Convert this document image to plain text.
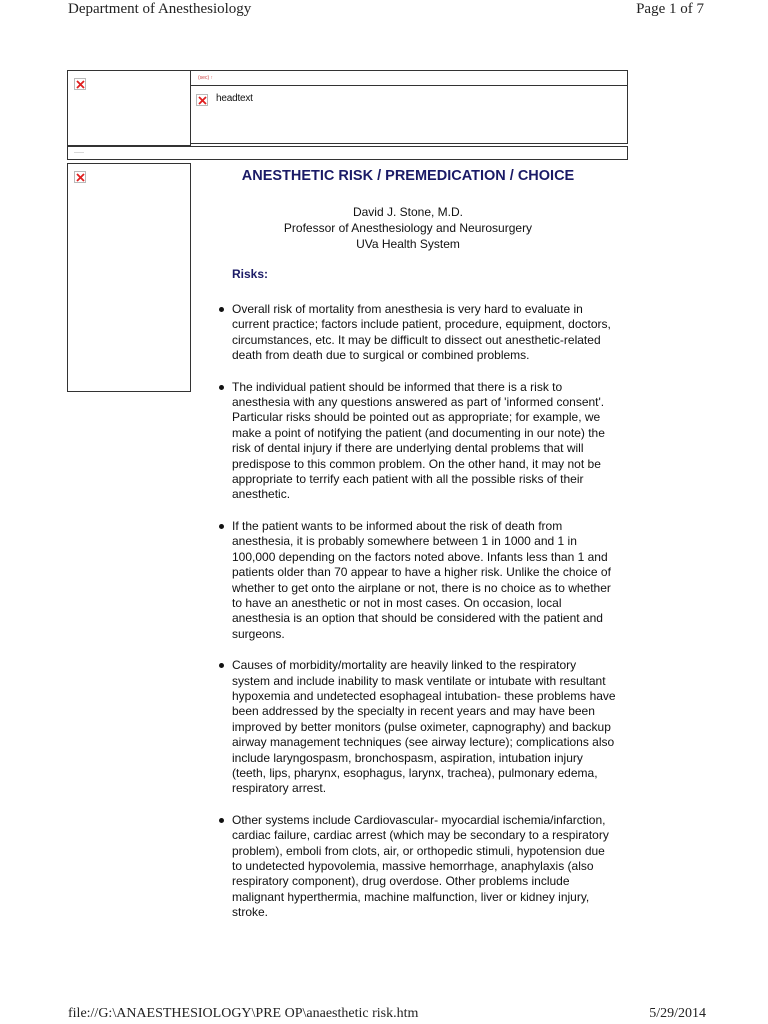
Department of Anesthesiology	Page 1 of 7
(sec) ↑
——
headtext
ANESTHETIC RISK / PREMEDICATION / CHOICE
David J. Stone, M.D.
Professor of Anesthesiology and Neurosurgery
UVa Health System
Risks:
Overall risk of mortality from anesthesia is very hard to evaluate in current practice; factors include patient, procedure, equipment, doctors, circumstances, etc. It may be difficult to dissect out anesthetic-related death from death due to surgical or combined problems.
The individual patient should be informed that there is a risk to anesthesia with any questions answered as part of 'informed consent'. Particular risks should be pointed out as appropriate; for example, we make a point of notifying the patient (and documenting in our note) the risk of dental injury if there are underlying dental problems that will predispose to this common problem. On the other hand, it may not be appropriate to terrify each patient with all the possible risks of their anesthetic.
If the patient wants to be informed about the risk of death from anesthesia, it is probably somewhere between 1 in 1000 and 1 in 100,000 depending on the factors noted above. Infants less than 1 and patients older than 70 appear to have a higher risk. Unlike the choice of whether to get onto the airplane or not, there is no choice as to whether to have an anesthetic or not in most cases. On occasion, local anesthesia is an option that should be considered with the patient and surgeons.
Causes of morbidity/mortality are heavily linked to the respiratory system and include inability to mask ventilate or intubate with resultant hypoxemia and undetected esophageal intubation- these problems have been addressed by the specialty in recent years and may have been improved by better monitors (pulse oximeter, capnography) and backup airway management techniques (see airway lecture); complications also include laryngospasm, bronchospasm, aspiration, intubation injury (teeth, lips, pharynx, esophagus, larynx, trachea), pulmonary edema, respiratory arrest.
Other systems include Cardiovascular- myocardial ischemia/infarction, cardiac failure, cardiac arrest (which may be secondary to a respiratory problem), emboli from clots, air, or orthopedic stimuli, hypotension due to undetected hypovolemia, massive hemorrhage, anaphylaxis (also respiratory component), drug overdose. Other problems include malignant hyperthermia, machine malfunction, liver or kidney injury, stroke.
file://G:\ANAESTHESIOLOGY\PRE OP\anaesthetic risk.htm	5/29/2014
